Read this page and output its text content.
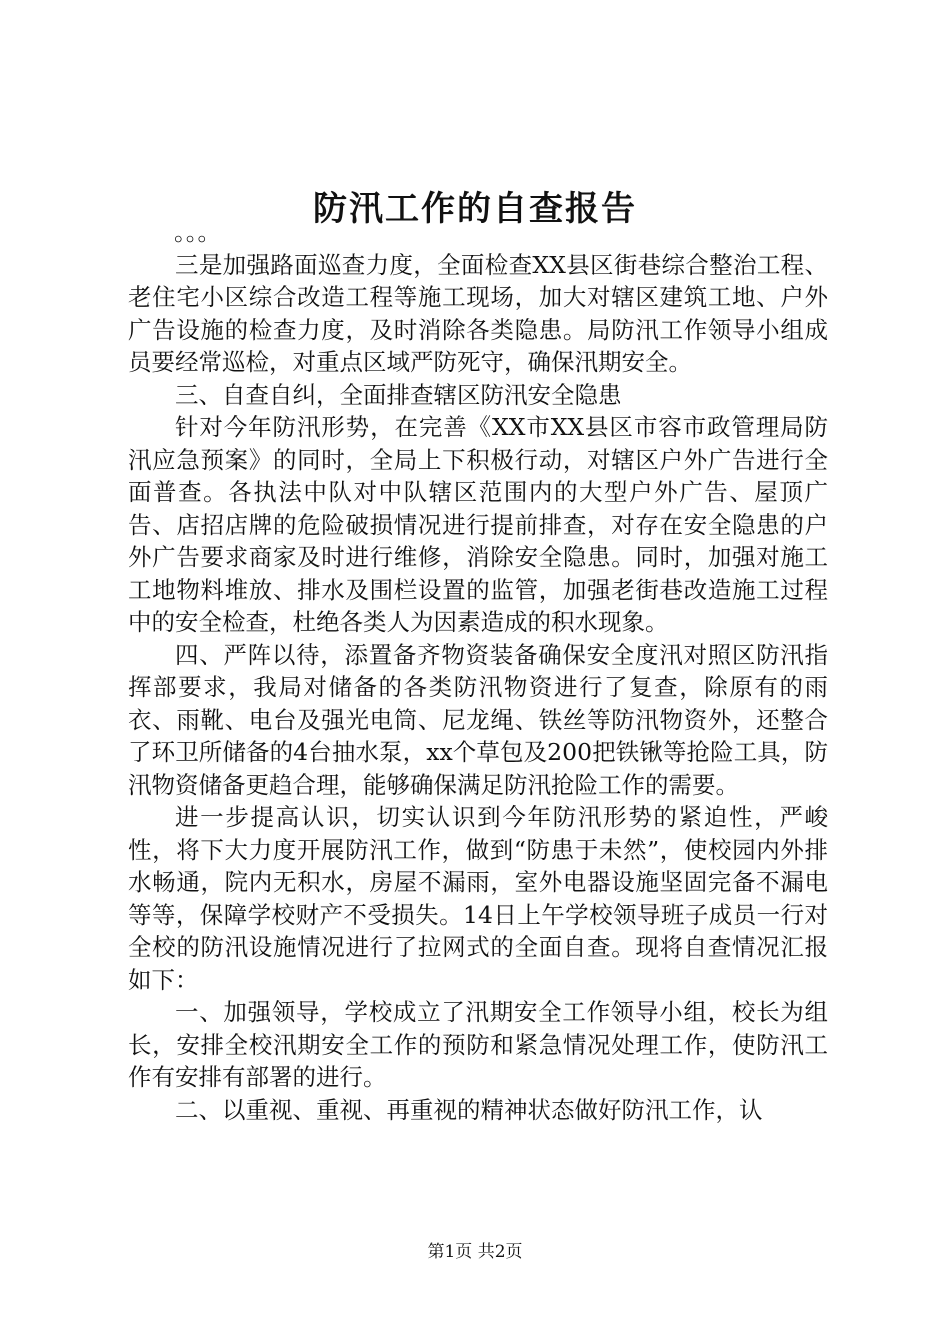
防汛工作的自查报告

。。。

三是加强路面巡查力度，全面检查XX县区街巷综合整治工程、老住宅小区综合改造工程等施工现场，加大对辖区建筑工地、户外广告设施的检查力度，及时消除各类隐患。局防汛工作领导小组成员要经常巡检，对重点区域严防死守，确保汛期安全。

三、自查自纠，全面排查辖区防汛安全隐患

针对今年防汛形势，在完善《XX市XX县区市容市政管理局防汛应急预案》的同时，全局上下积极行动，对辖区户外广告进行全面普查。各执法中队对中队辖区范围内的大型户外广告、屋顶广告、店招店牌的危险破损情况进行提前排查，对存在安全隐患的户外广告要求商家及时进行维修，消除安全隐患。同时，加强对施工工地物料堆放、排水及围栏设置的监管，加强老街巷改造施工过程中的安全检查，杜绝各类人为因素造成的积水现象。

四、严阵以待，添置备齐物资装备确保安全度汛对照区防汛指挥部要求，我局对储备的各类防汛物资进行了复查，除原有的雨衣、雨靴、电台及强光电筒、尼龙绳、铁丝等防汛物资外，还整合了环卫所储备的4台抽水泵，xx个草包及200把铁锹等抢险工具，防汛物资储备更趋合理，能够确保满足防汛抢险工作的需要。

进一步提高认识，切实认识到今年防汛形势的紧迫性，严峻性，将下大力度开展防汛工作，做到“防患于未然”，使校园内外排水畅通，院内无积水，房屋不漏雨，室外电器设施坚固完备不漏电等等，保障学校财产不受损失。14日上午学校领导班子成员一行对全校的防汛设施情况进行了拉网式的全面自查。现将自查情况汇报如下：

一、加强领导，学校成立了汛期安全工作领导小组，校长为组长，安排全校汛期安全工作的预防和紧急情况处理工作，使防汛工作有安排有部署的进行。

二、以重视、重视、再重视的精神状态做好防汛工作，认

第1页 共2页
